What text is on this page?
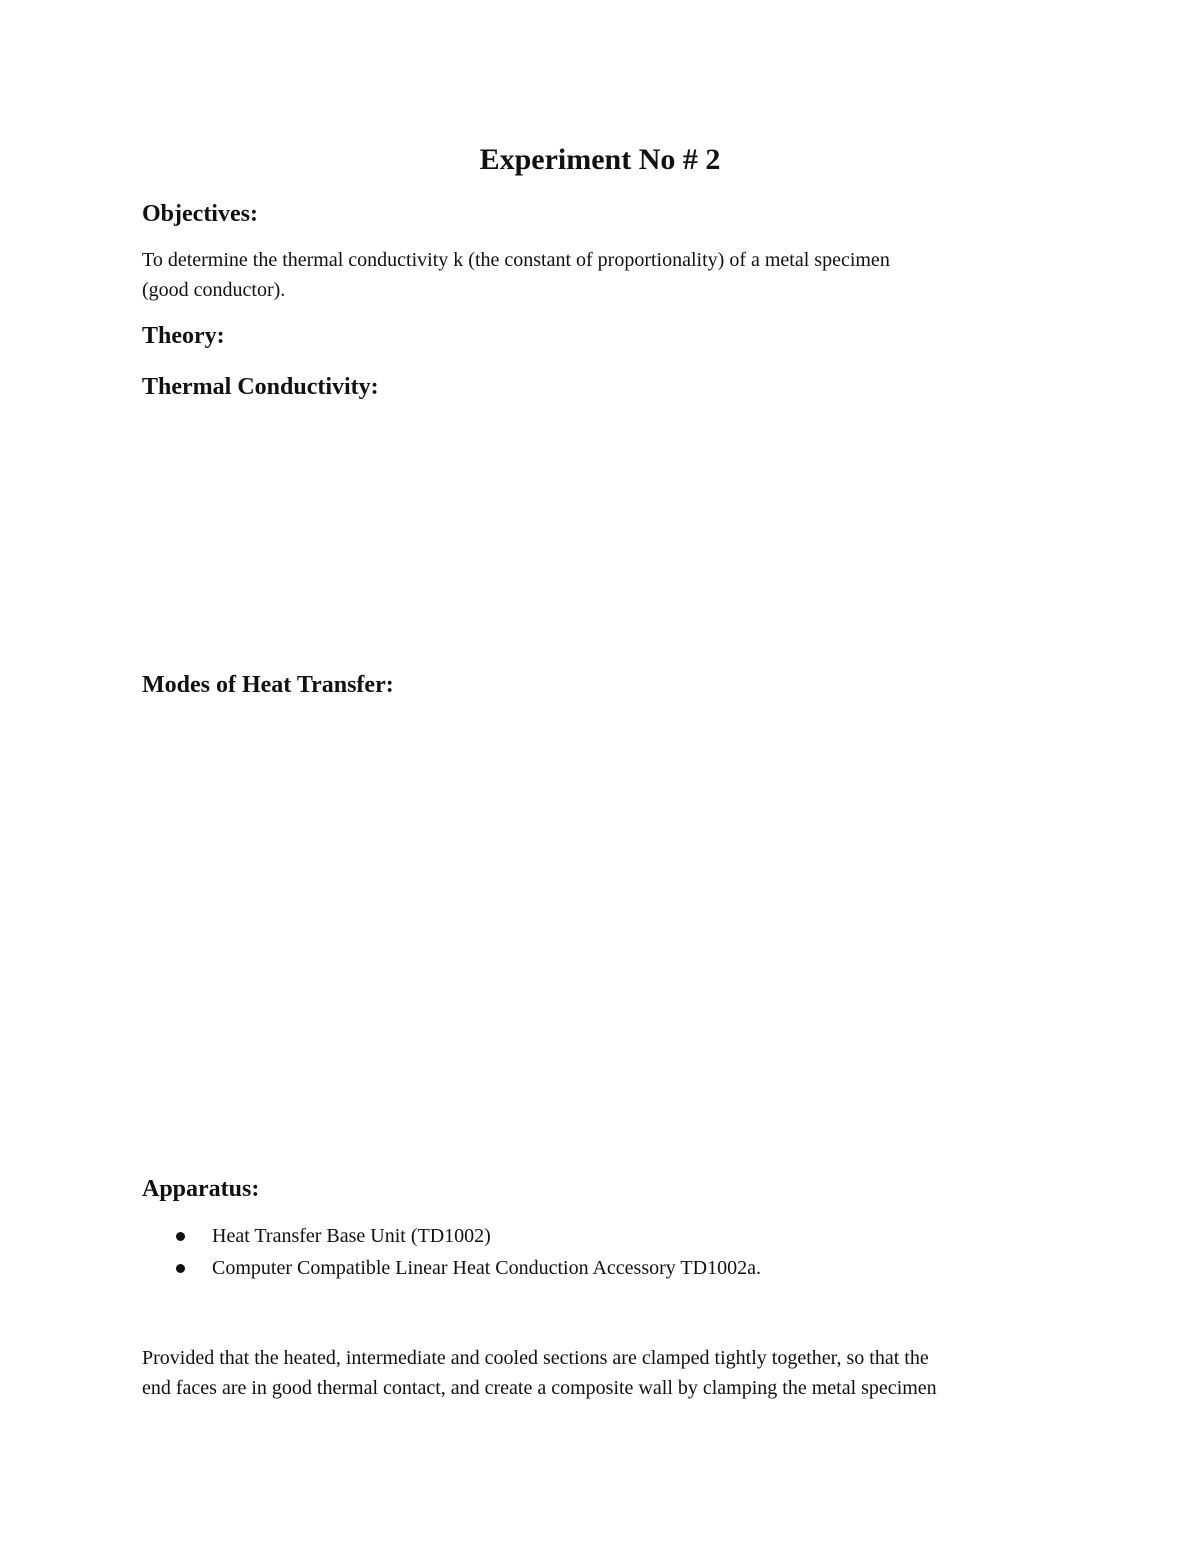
Experiment No # 2
Objectives:
To determine the thermal conductivity k (the constant of proportionality) of a metal specimen
(good conductor).
Theory:
Thermal Conductivity:
Modes of Heat Transfer:
Apparatus:
Heat Transfer Base Unit (TD1002)
Computer Compatible Linear Heat Conduction Accessory TD1002a.
Provided that the heated, intermediate and cooled sections are clamped tightly together, so that the
end faces are in good thermal contact, and create a composite wall by clamping the metal specimen
